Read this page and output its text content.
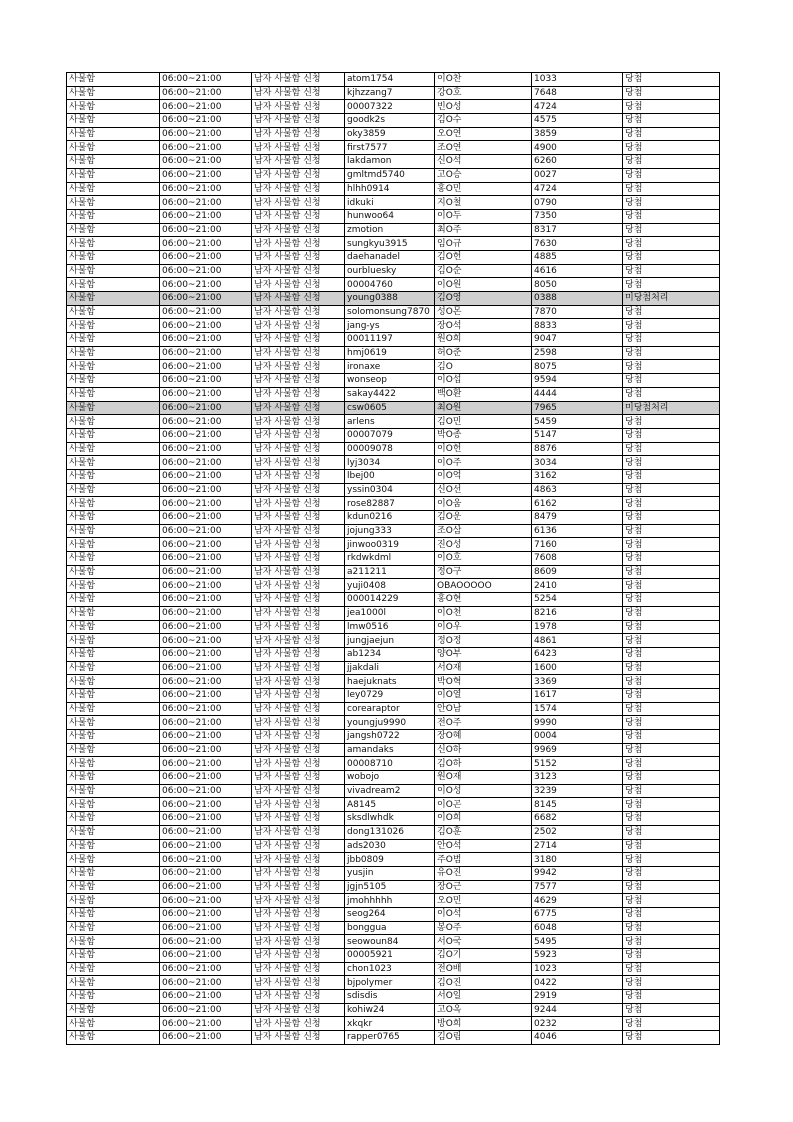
사물함	06:00~21:00	남자 사물함 신청	atom1754	이O찬	1033	당첨
사물함	06:00~21:00	남자 사물함 신청	kjhzzang7	강O호	7648	당첨
사물함	06:00~21:00	남자 사물함 신청	00007322	빈O성	4724	당첨
사물함	06:00~21:00	남자 사물함 신청	goodk2s	김O수	4575	당첨
사물함	06:00~21:00	남자 사물함 신청	oky3859	오O연	3859	당첨
사물함	06:00~21:00	남자 사물함 신청	first7577	조O연	4900	당첨
사물함	06:00~21:00	남자 사물함 신청	lakdamon	신O석	6260	당첨
사물함	06:00~21:00	남자 사물함 신청	gmltmd5740	고O승	0027	당첨
사물함	06:00~21:00	남자 사물함 신청	hlhh0914	홍O민	4724	당첨
사물함	06:00~21:00	남자 사물함 신청	idkuki	지O철	0790	당첨
사물함	06:00~21:00	남자 사물함 신청	hunwoo64	이O두	7350	당첨
사물함	06:00~21:00	남자 사물함 신청	zmotion	최O주	8317	당첨
사물함	06:00~21:00	남자 사물함 신청	sungkyu3915	임O규	7630	당첨
사물함	06:00~21:00	남자 사물함 신청	daehanadel	김O헌	4885	당첨
사물함	06:00~21:00	남자 사물함 신청	ourbluesky	김O순	4616	당첨
사물함	06:00~21:00	남자 사물함 신청	00004760	이O원	8050	당첨
사물함	06:00~21:00	남자 사물함 신청	young0388	김O영	0388	미당첨처리
사물함	06:00~21:00	남자 사물함 신청	solomonsung7870	성O몬	7870	당첨
사물함	06:00~21:00	남자 사물함 신청	jang-ys	장O석	8833	당첨
사물함	06:00~21:00	남자 사물함 신청	00011197	원O희	9047	당첨
사물함	06:00~21:00	남자 사물함 신청	hmj0619	허O준	2598	당첨
사물함	06:00~21:00	남자 사물함 신청	ironaxe	김O	8075	당첨
사물함	06:00~21:00	남자 사물함 신청	wonseop	이O섭	9594	당첨
사물함	06:00~21:00	남자 사물함 신청	sakay4422	백O환	4444	당첨
사물함	06:00~21:00	남자 사물함 신청	csw0605	최O원	7965	미당첨처리
사물함	06:00~21:00	남자 사물함 신청	arlens	김O민	5459	당첨
사물함	06:00~21:00	남자 사물함 신청	00007079	박O종	5147	당첨
사물함	06:00~21:00	남자 사물함 신청	00009078	이O헌	8876	당첨
사물함	06:00~21:00	남자 사물함 신청	lyj3034	이O주	3034	당첨
사물함	06:00~21:00	남자 사물함 신청	lbej00	이O억	3162	당첨
사물함	06:00~21:00	남자 사물함 신청	yssin0304	신O선	4863	당첨
사물함	06:00~21:00	남자 사물함 신청	rose82887	이O움	6162	당첨
사물함	06:00~21:00	남자 사물함 신청	kdun0216	김O운	8479	당첨
사물함	06:00~21:00	남자 사물함 신청	jojung333	조O삼	6136	당첨
사물함	06:00~21:00	남자 사물함 신청	jinwoo0319	진O성	7160	당첨
사물함	06:00~21:00	남자 사물함 신청	rkdwkdml	이O호	7608	당첨
사물함	06:00~21:00	남자 사물함 신청	a211211	정O구	8609	당첨
사물함	06:00~21:00	남자 사물함 신청	yuji0408	OBAOOOOO	2410	당첨
사물함	06:00~21:00	남자 사물함 신청	000014229	홍O현	5254	당첨
사물함	06:00~21:00	남자 사물함 신청	jea1000l	이O천	8216	당첨
사물함	06:00~21:00	남자 사물함 신청	lmw0516	이O우	1978	당첨
사물함	06:00~21:00	남자 사물함 신청	jungjaejun	정O정	4861	당첨
사물함	06:00~21:00	남자 사물함 신청	ab1234	양O부	6423	당첨
사물함	06:00~21:00	남자 사물함 신청	jjakdali	서O재	1600	당첨
사물함	06:00~21:00	남자 사물함 신청	haejuknats	박O혁	3369	당첨
사물함	06:00~21:00	남자 사물함 신청	ley0729	이O열	1617	당첨
사물함	06:00~21:00	남자 사물함 신청	corearaptor	안O남	1574	당첨
사물함	06:00~21:00	남자 사물함 신청	youngju9990	전O주	9990	당첨
사물함	06:00~21:00	남자 사물함 신청	jangsh0722	장O혜	0004	당첨
사물함	06:00~21:00	남자 사물함 신청	amandaks	신O하	9969	당첨
사물함	06:00~21:00	남자 사물함 신청	00008710	김O하	5152	당첨
사물함	06:00~21:00	남자 사물함 신청	wobojo	원O재	3123	당첨
사물함	06:00~21:00	남자 사물함 신청	vivadream2	이O성	3239	당첨
사물함	06:00~21:00	남자 사물함 신청	A8145	이O곤	8145	당첨
사물함	06:00~21:00	남자 사물함 신청	sksdlwhdk	이O희	6682	당첨
사물함	06:00~21:00	남자 사물함 신청	dong131026	김O훈	2502	당첨
사물함	06:00~21:00	남자 사물함 신청	ads2030	안O석	2714	당첨
사물함	06:00~21:00	남자 사물함 신청	jbb0809	주O범	3180	당첨
사물함	06:00~21:00	남자 사물함 신청	yusjin	유O진	9942	당첨
사물함	06:00~21:00	남자 사물함 신청	jgjn5105	장O근	7577	당첨
사물함	06:00~21:00	남자 사물함 신청	jmohhhhh	오O민	4629	당첨
사물함	06:00~21:00	남자 사물함 신청	seog264	이O석	6775	당첨
사물함	06:00~21:00	남자 사물함 신청	bonggua	봉O주	6048	당첨
사물함	06:00~21:00	남자 사물함 신청	seowoun84	서O국	5495	당첨
사물함	06:00~21:00	남자 사물함 신청	00005921	김O기	5923	당첨
사물함	06:00~21:00	남자 사물함 신청	chon1023	전O배	1023	당첨
사물함	06:00~21:00	남자 사물함 신청	bjpolymer	김O진	0422	당첨
사물함	06:00~21:00	남자 사물함 신청	sdisdis	서O일	2919	당첨
사물함	06:00~21:00	남자 사물함 신청	kohiw24	고O옥	9244	당첨
사물함	06:00~21:00	남자 사물함 신청	xkqkr	방O희	0232	당첨
사물함	06:00~21:00	남자 사물함 신청	rapper0765	김O림	4046	당첨
